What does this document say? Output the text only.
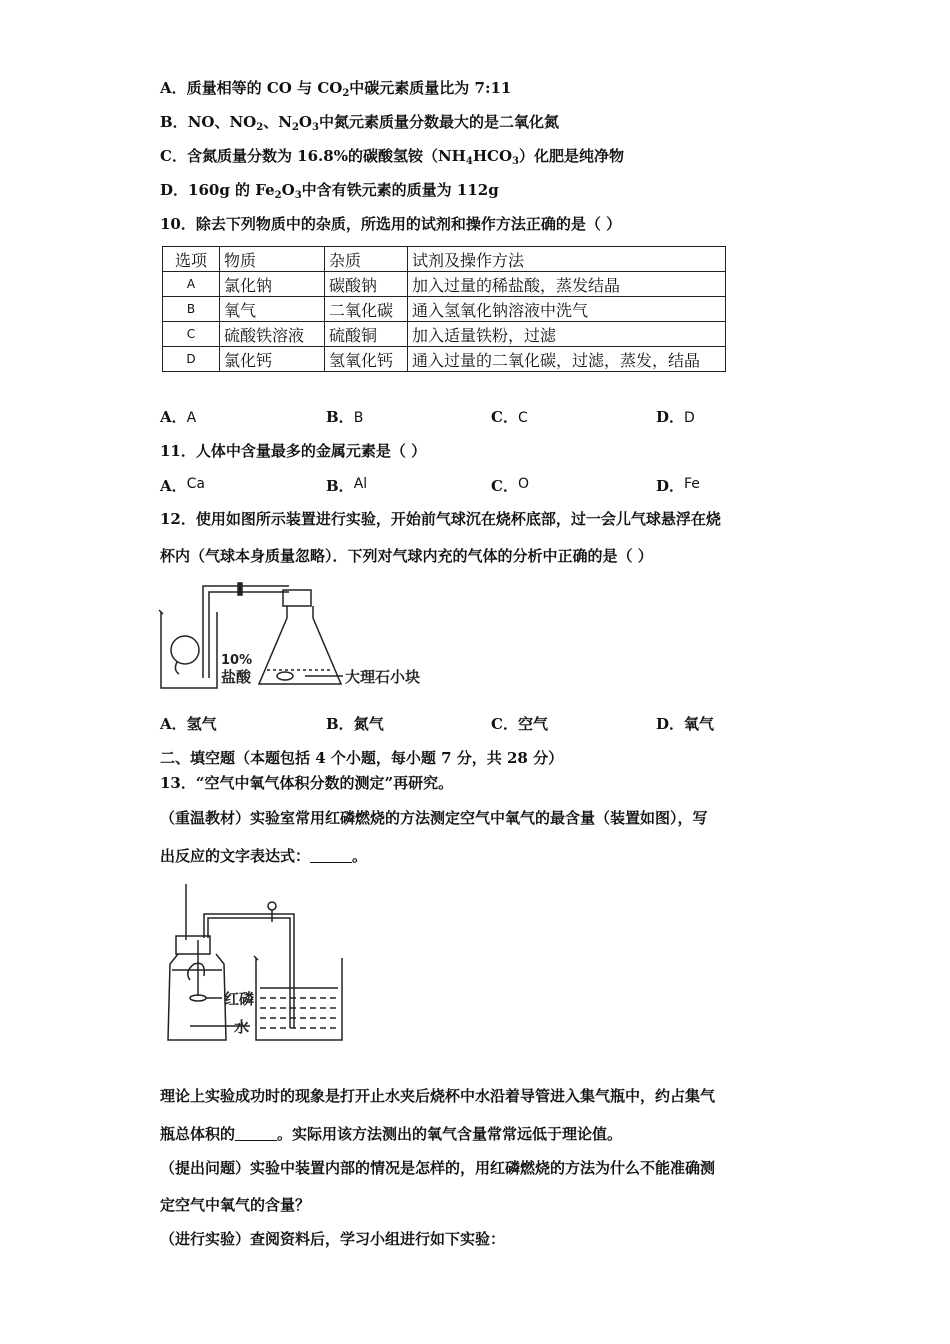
A．质量相等的 CO 与 $CO_2$中碳元素质量比为 7:11
B．NO、$NO_2$、$N_2O_3$中氮元素质量分数最大的是二氧化氮
C．含氮质量分数为 16.8%的碳酸氢铵$(NH_4HCO_3)$化肥是纯净物
D．160g 的 $Fe_2O_3$中含有铁元素的质量为 112g
10．除去下列物质中的杂质，所选用的试剂和操作方法正确的是（ ）
选项	物质	杂质	试剂及操作方法
A	氯化钠	碳酸钠	加入过量的稀盐酸，蒸发结晶
B	氧气	二氧化碳	通入氢氧化钠溶液中洗气
C	硫酸铁溶液	硫酸铜	加入适量铁粉，过滤
D	氯化钙	氢氧化钙	通入过量的二氧化碳，过滤，蒸发，结晶
A．A	B．B	C．C	D．D
11．人体中含量最多的金属元素是（ ）
A．Ca	B．Al	C．O	D．Fe
12．使用如图所示装置进行实验，开始前气球沉在烧杯底部，过一会儿气球悬浮在烧
杯内（气球本身质量忽略）．下列对气球内充的气体的分析中正确的是（ ）
10%
盐酸	大理石小块
A．氢气	B．氮气	C．空气	D．氧气
二、填空题（本题包括 4 个小题，每小题 7 分，共 28 分）
13．“空气中氧气体积分数的测定”再研究。
（重温教材）实验室常用红磷燃烧的方法测定空气中氧气的最含量（装置如图），写
出反应的文字表达式：	。
红磷
水
理论上实验成功时的现象是打开止水夹后烧杯中水沿着导管进入集气瓶中，约占集气
瓶总体积的	。实际用该方法测出的氧气含量常常远低于理论值。
（提出问题）实验中装置内部的情况是怎样的，用红磷燃烧的方法为什么不能准确测
定空气中氧气的含量？
（进行实验）查阅资料后，学习小组进行如下实验：
